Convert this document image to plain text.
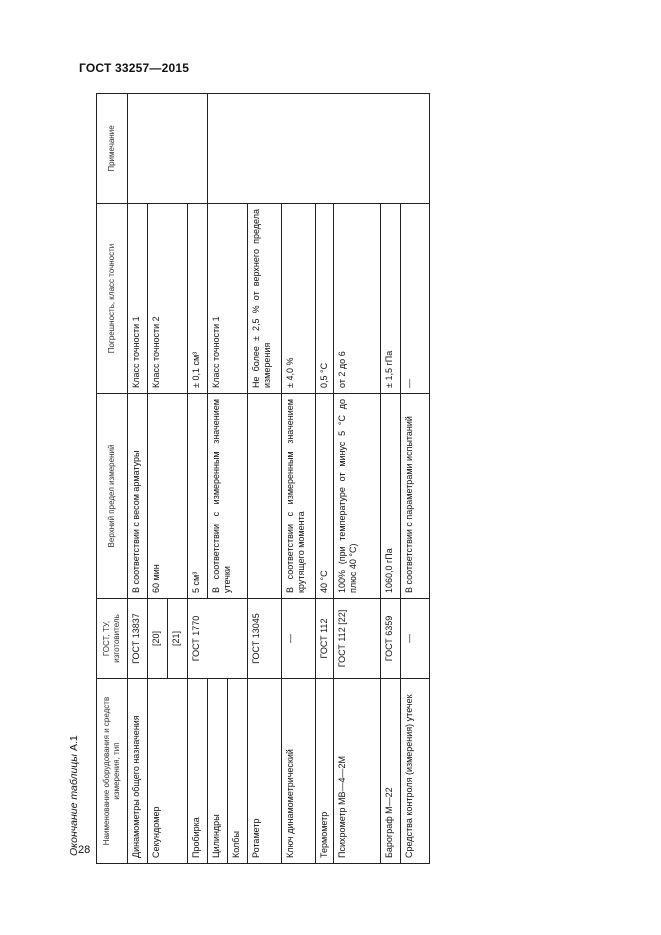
ГОСТ 33257—2015
28
Окончание таблицы А.1	Наименование оборудования и средств измерения, тип	ГОСТ, ТУ, изготовитель	Верхний предел измерений	Погрешность, класс точности	Примечание
Динамометры общего назначения	ГОСТ 13837	В соответствии с весом арматуры	Класс точности 1	
Секундомер	[20]	60 мин	Класс точности 2	
	[21]			
Пробирка	ГОСТ 1770	5 см³	± 0,1 см³	
Цилиндры		В соответствии с измеренным значением утечки	Класс точности 1	
Колбы				
Ротаметр	ГОСТ 13045		Не более ± 2,5 % от верхнего предела измерения	
Ключ динамометрический	—	В соответствии с измеренным значением крутящего момента	± 4,0 %	
Термометр	ГОСТ 112	40 °С	0,5 °С	
Психрометр МВ—4—2М	ГОСТ 112 [22]	100% (при температуре от минус 5 °С до плюс 40 °С)	от 2 до 6	
Барограф М—22	ГОСТ 6359	1060,0 гПа	± 1,5 гПа	
Средства контроля (измерения) утечек	—	В соответствии с параметрами испытаний	—	
